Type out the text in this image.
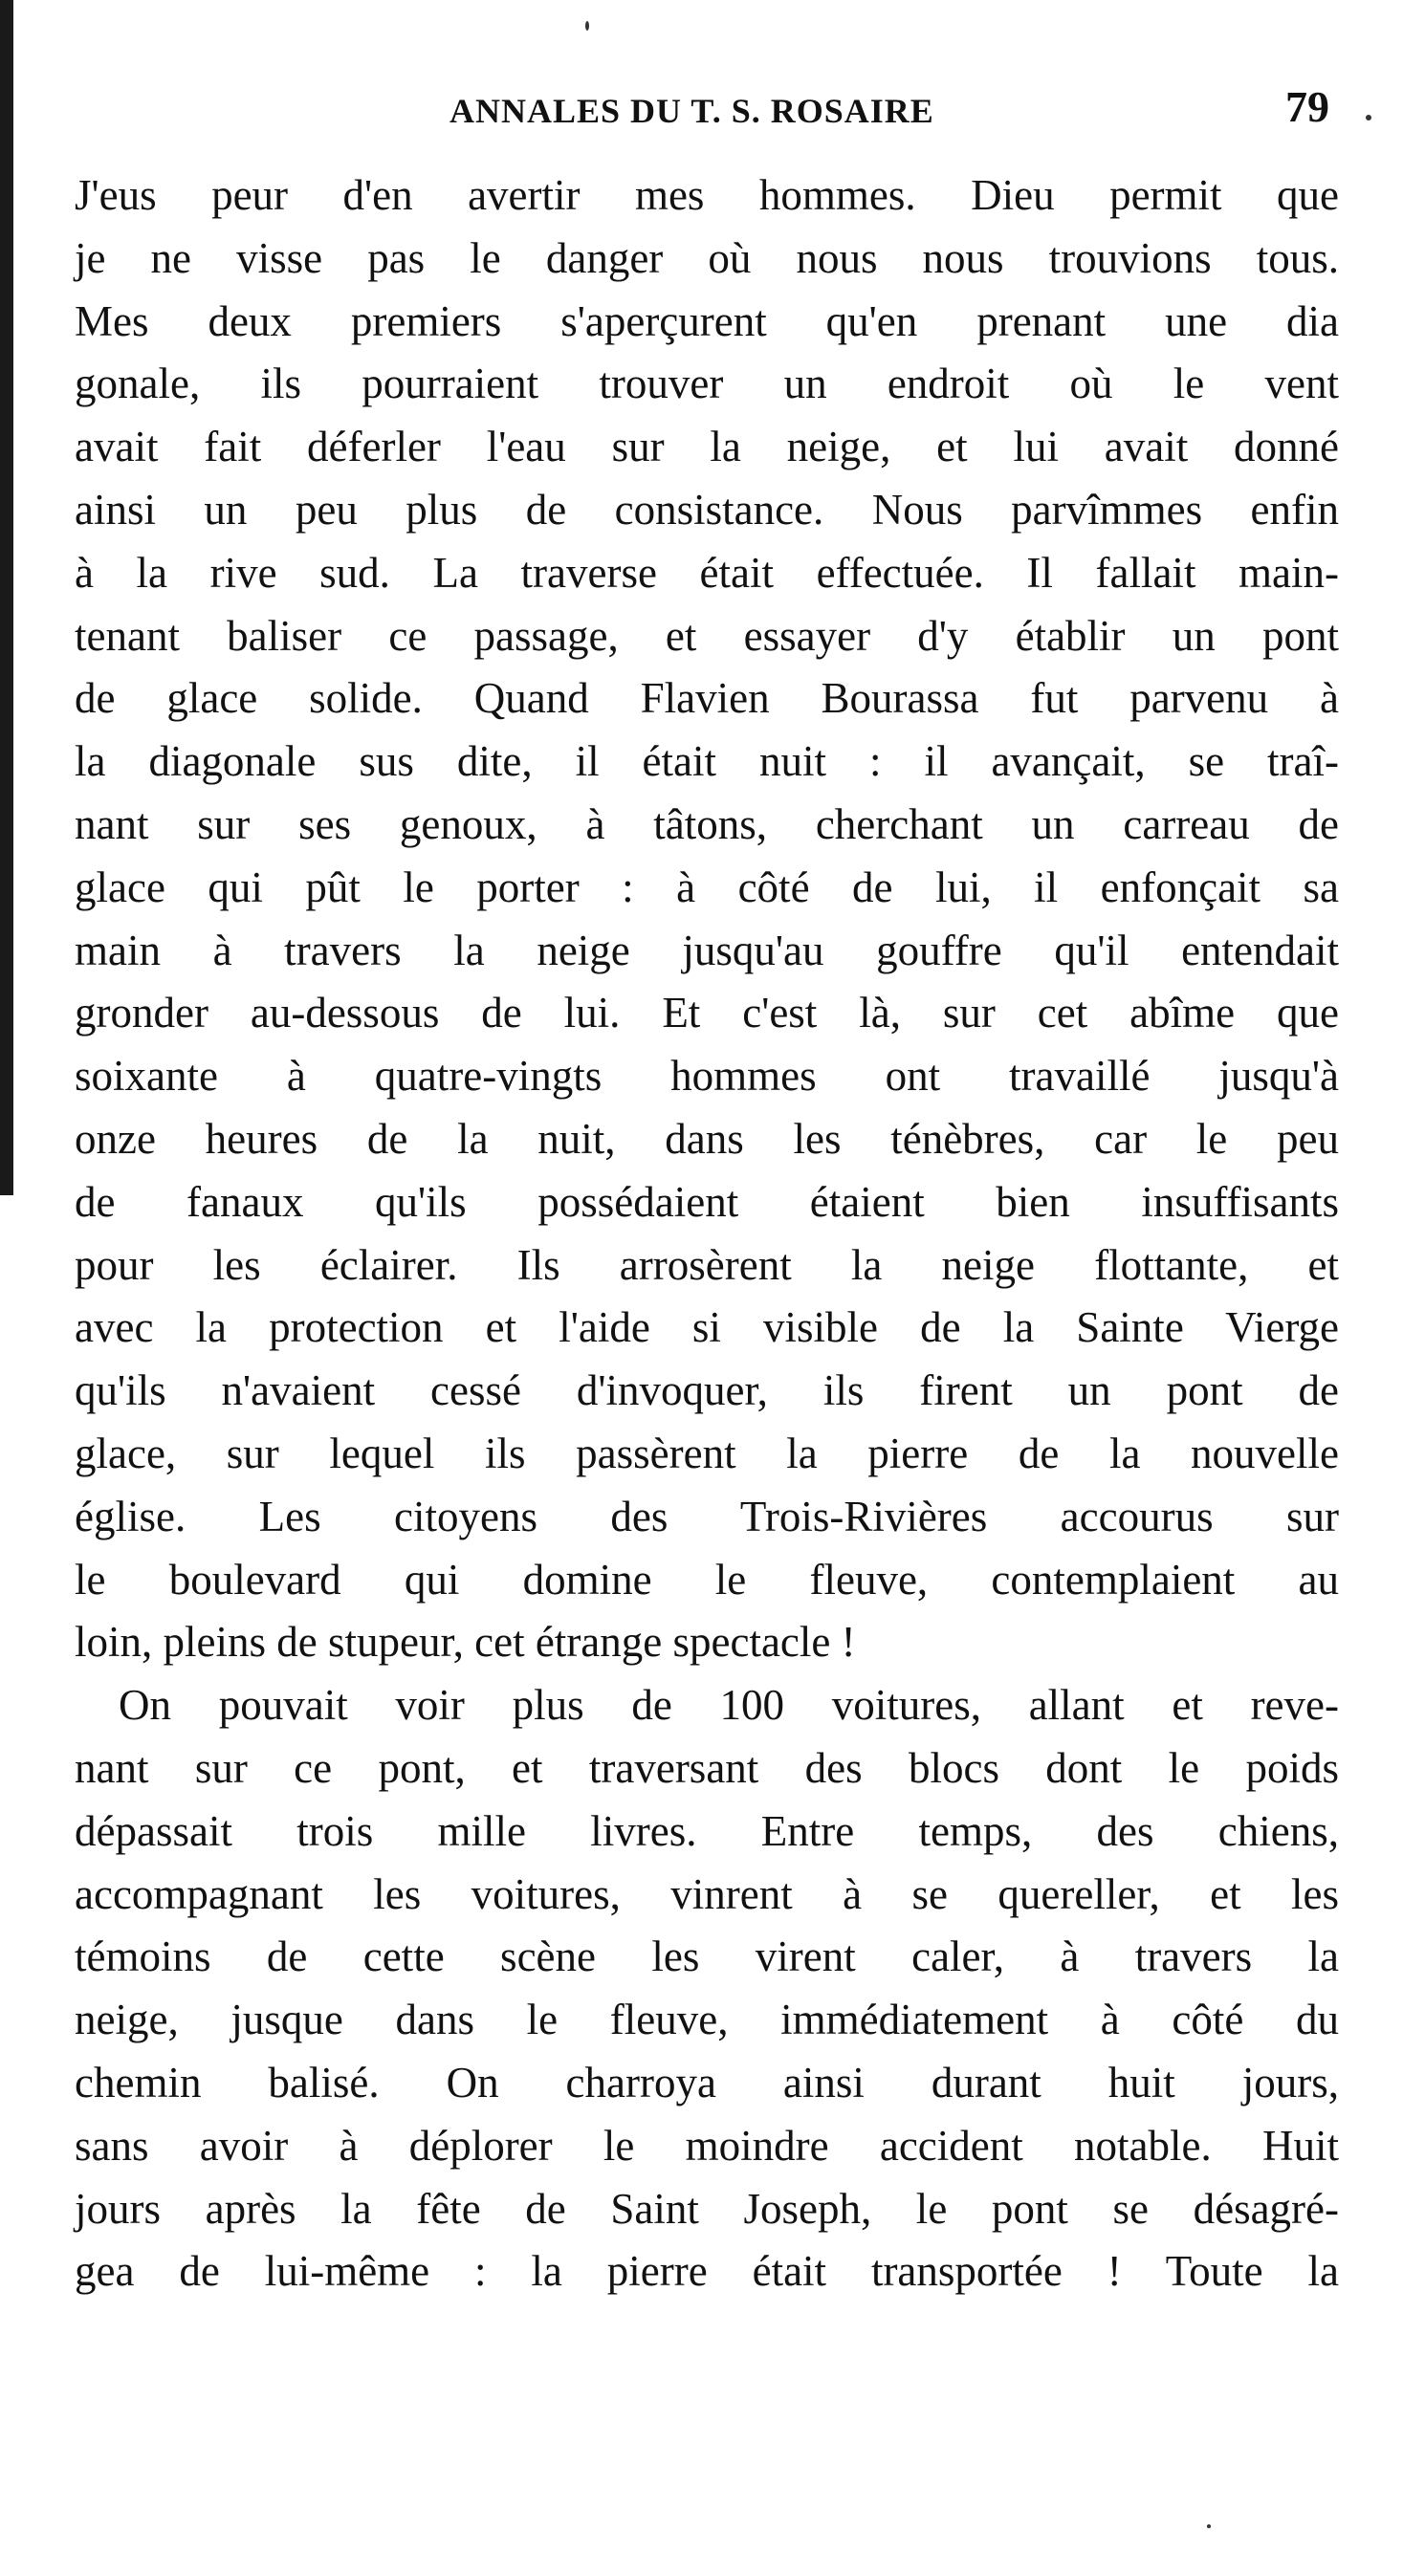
ANNALES DU T. S. ROSAIRE	79
J'eus peur d'en avertir mes hommes. Dieu permit que
je ne visse pas le danger où nous nous trouvions tous.
Mes deux premiers s'aperçurent qu'en prenant une dia
gonale, ils pourraient trouver un endroit où le vent
avait fait déferler l'eau sur la neige, et lui avait donné
ainsi un peu plus de consistance. Nous parvîmmes enfin
à la rive sud. La traverse était effectuée. Il fallait main-
tenant baliser ce passage, et essayer d'y établir un pont
de glace solide. Quand Flavien Bourassa fut parvenu à
la diagonale sus dite, il était nuit : il avançait, se traî-
nant sur ses genoux, à tâtons, cherchant un carreau de
glace qui pût le porter : à côté de lui, il enfonçait sa
main à travers la neige jusqu'au gouffre qu'il entendait
gronder au-dessous de lui. Et c'est là, sur cet abîme que
soixante à quatre-vingts hommes ont travaillé jusqu'à
onze heures de la nuit, dans les ténèbres, car le peu
de fanaux qu'ils possédaient étaient bien insuffisants
pour les éclairer. Ils arrosèrent la neige flottante, et
avec la protection et l'aide si visible de la Sainte Vierge
qu'ils n'avaient cessé d'invoquer, ils firent un pont de
glace, sur lequel ils passèrent la pierre de la nouvelle
église. Les citoyens des Trois-Rivières accourus sur
le boulevard qui domine le fleuve, contemplaient au
loin, pleins de stupeur, cet étrange spectacle !
On pouvait voir plus de 100 voitures, allant et reve-
nant sur ce pont, et traversant des blocs dont le poids
dépassait trois mille livres. Entre temps, des chiens,
accompagnant les voitures, vinrent à se quereller, et les
témoins de cette scène les virent caler, à travers la
neige, jusque dans le fleuve, immédiatement à côté du
chemin balisé. On charroya ainsi durant huit jours,
sans avoir à déplorer le moindre accident notable. Huit
jours après la fête de Saint Joseph, le pont se désagré-
gea de lui-même : la pierre était transportée ! Toute la
